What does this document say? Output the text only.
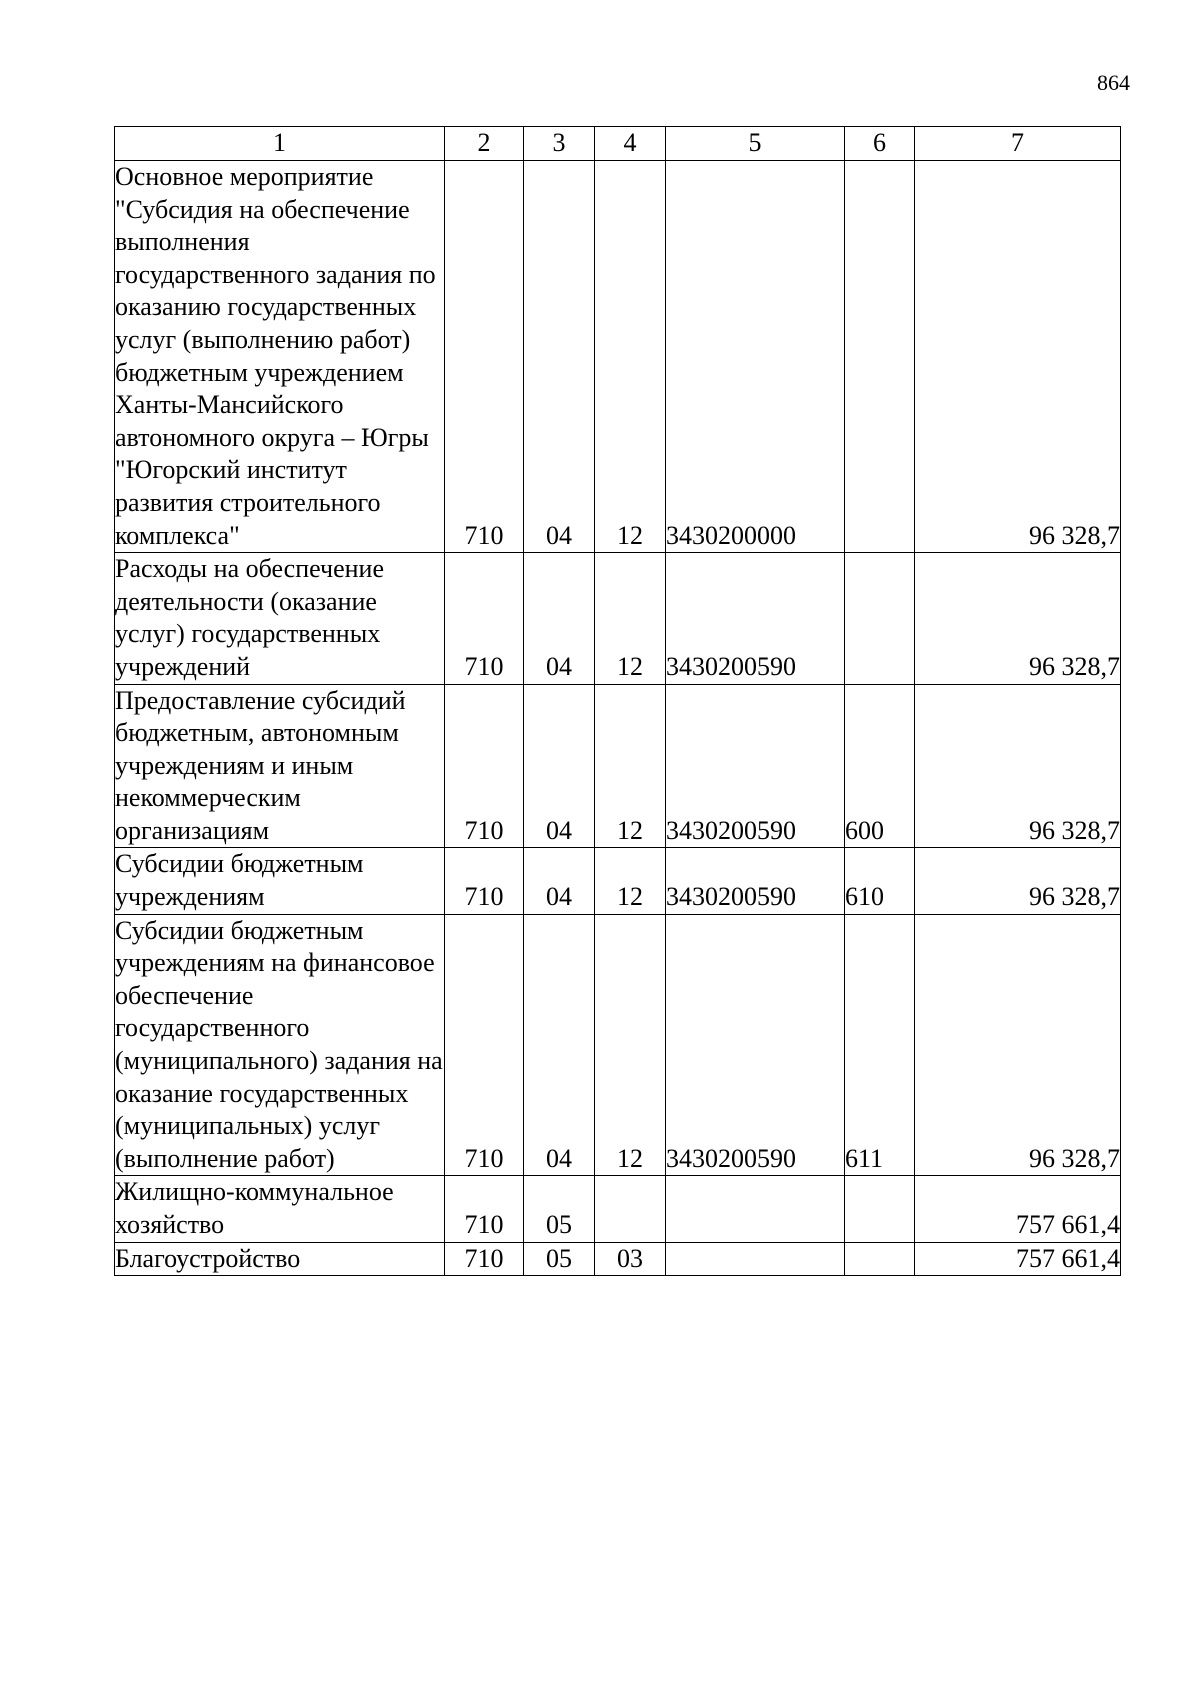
864
1	2	3	4	5	6	7
Основное мероприятие "Субсидия на обеспечение выполнения государственного задания по оказанию государственных услуг (выполнению работ) бюджетным учреждением Ханты-Мансийского автономного округа – Югры "Югорский институт развития строительного комплекса"	710	04	12	3430200000		96 328,7
Расходы на обеспечение деятельности (оказание услуг) государственных учреждений	710	04	12	3430200590		96 328,7
Предоставление субсидий бюджетным, автономным учреждениям и иным некоммерческим организациям	710	04	12	3430200590	600	96 328,7
Субсидии бюджетным учреждениям	710	04	12	3430200590	610	96 328,7
Субсидии бюджетным учреждениям на финансовое обеспечение государственного (муниципального) задания на оказание государственных (муниципальных) услуг (выполнение работ)	710	04	12	3430200590	611	96 328,7
Жилищно-коммунальное хозяйство	710	05				757 661,4
Благоустройство	710	05	03			757 661,4
